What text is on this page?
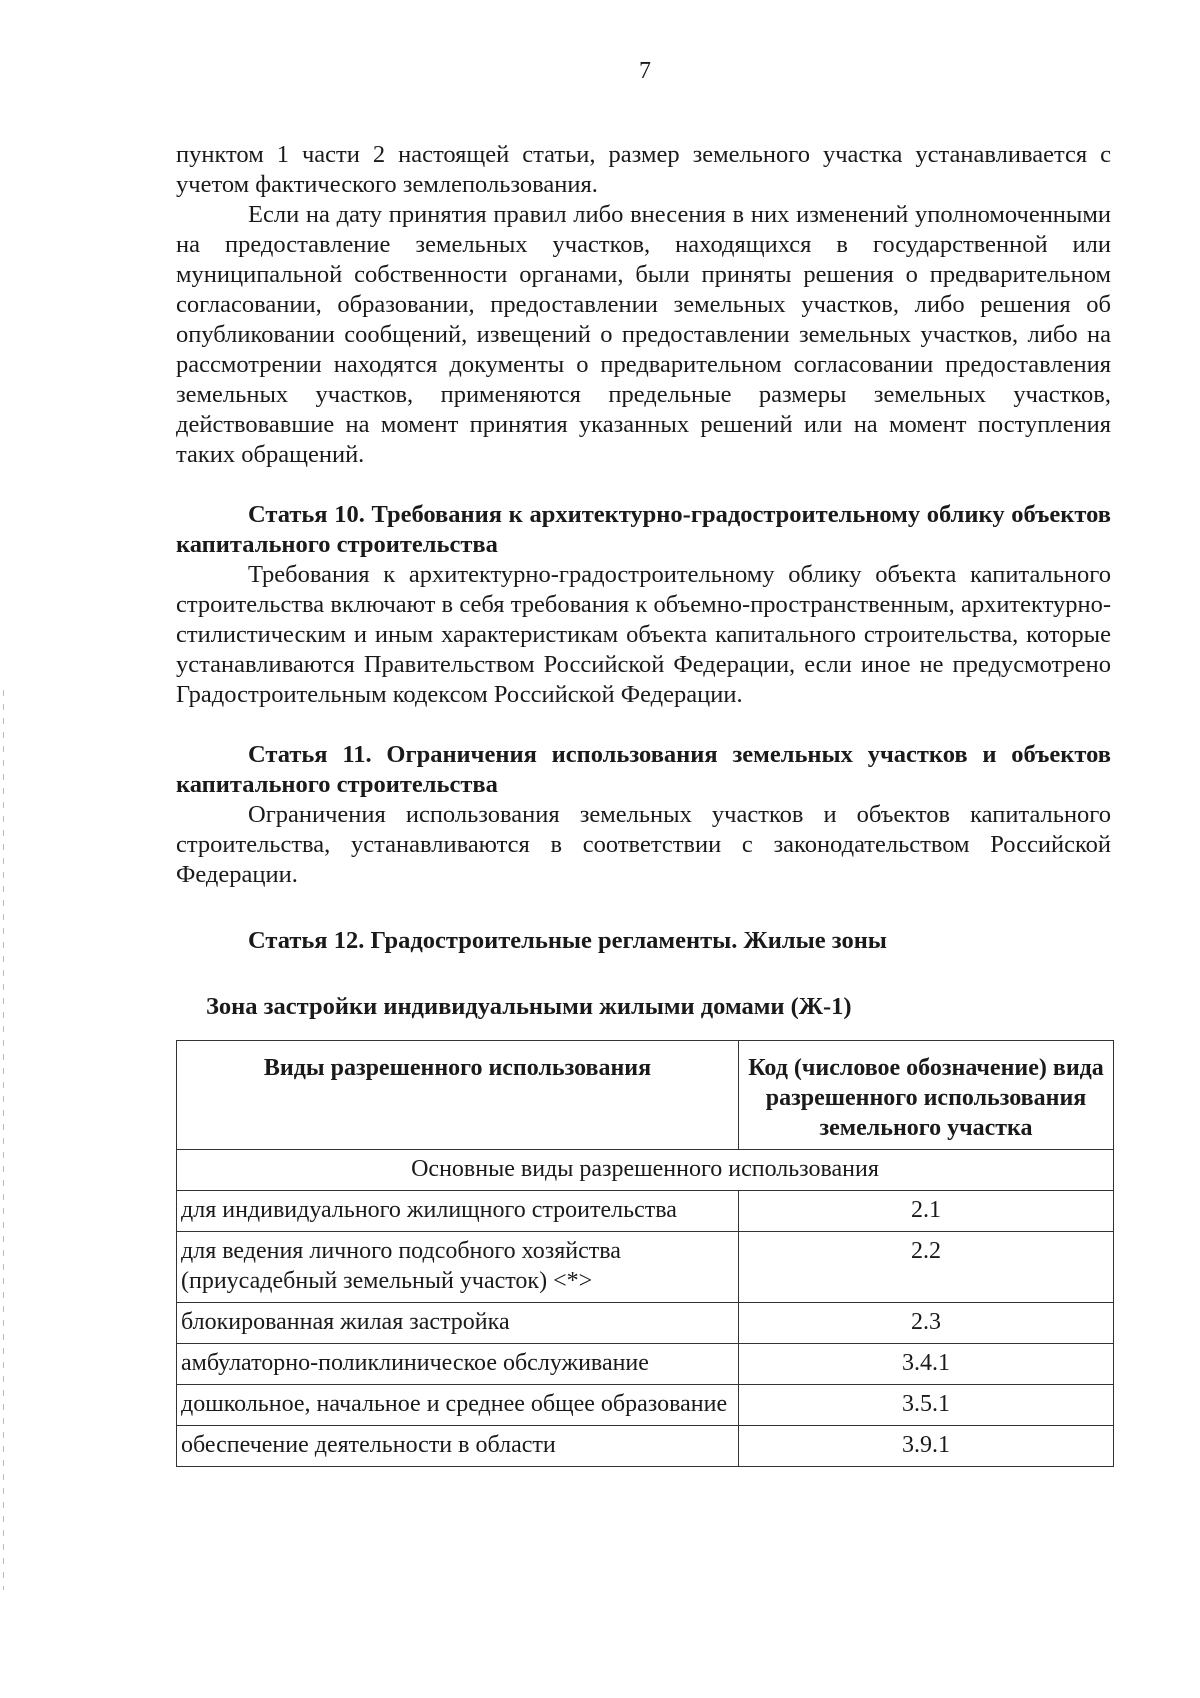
7

пунктом 1 части 2 настоящей статьи, размер земельного участка устанавливается с учетом фактического землепользования.

Если на дату принятия правил либо внесения в них изменений уполномоченными на предоставление земельных участков, находящихся в государственной или муниципальной собственности органами, были приняты решения о предварительном согласовании, образовании, предоставлении земельных участков, либо решения об опубликовании сообщений, извещений о предоставлении земельных участков, либо на рассмотрении находятся документы о предварительном согласовании предоставления земельных участков, применяются предельные размеры земельных участков, действовавшие на момент принятия указанных решений или на момент поступления таких обращений.

Статья 10. Требования к архитектурно-градостроительному облику объектов капитального строительства

Требования к архитектурно-градостроительному облику объекта капитального строительства включают в себя требования к объемно-пространственным, архитектурно-стилистическим и иным характеристикам объекта капитального строительства, которые устанавливаются Правительством Российской Федерации, если иное не предусмотрено Градостроительным кодексом Российской Федерации.

Статья 11. Ограничения использования земельных участков и объектов капитального строительства

Ограничения использования земельных участков и объектов капитального строительства, устанавливаются в соответствии с законодательством Российской Федерации.

Статья 12. Градостроительные регламенты. Жилые зоны

Зона застройки индивидуальными жилыми домами (Ж-1)

Виды разрешенного использования	Код (числовое обозначение) вида разрешенного использования земельного участка
Основные виды разрешенного использования	
для индивидуального жилищного строительства	2.1
для ведения личного подсобного хозяйства (приусадебный земельный участок) <*>	2.2
блокированная жилая застройка	2.3
амбулаторно-поликлиническое обслуживание	3.4.1
дошкольное, начальное и среднее общее образование	3.5.1
обеспечение деятельности в области	3.9.1
